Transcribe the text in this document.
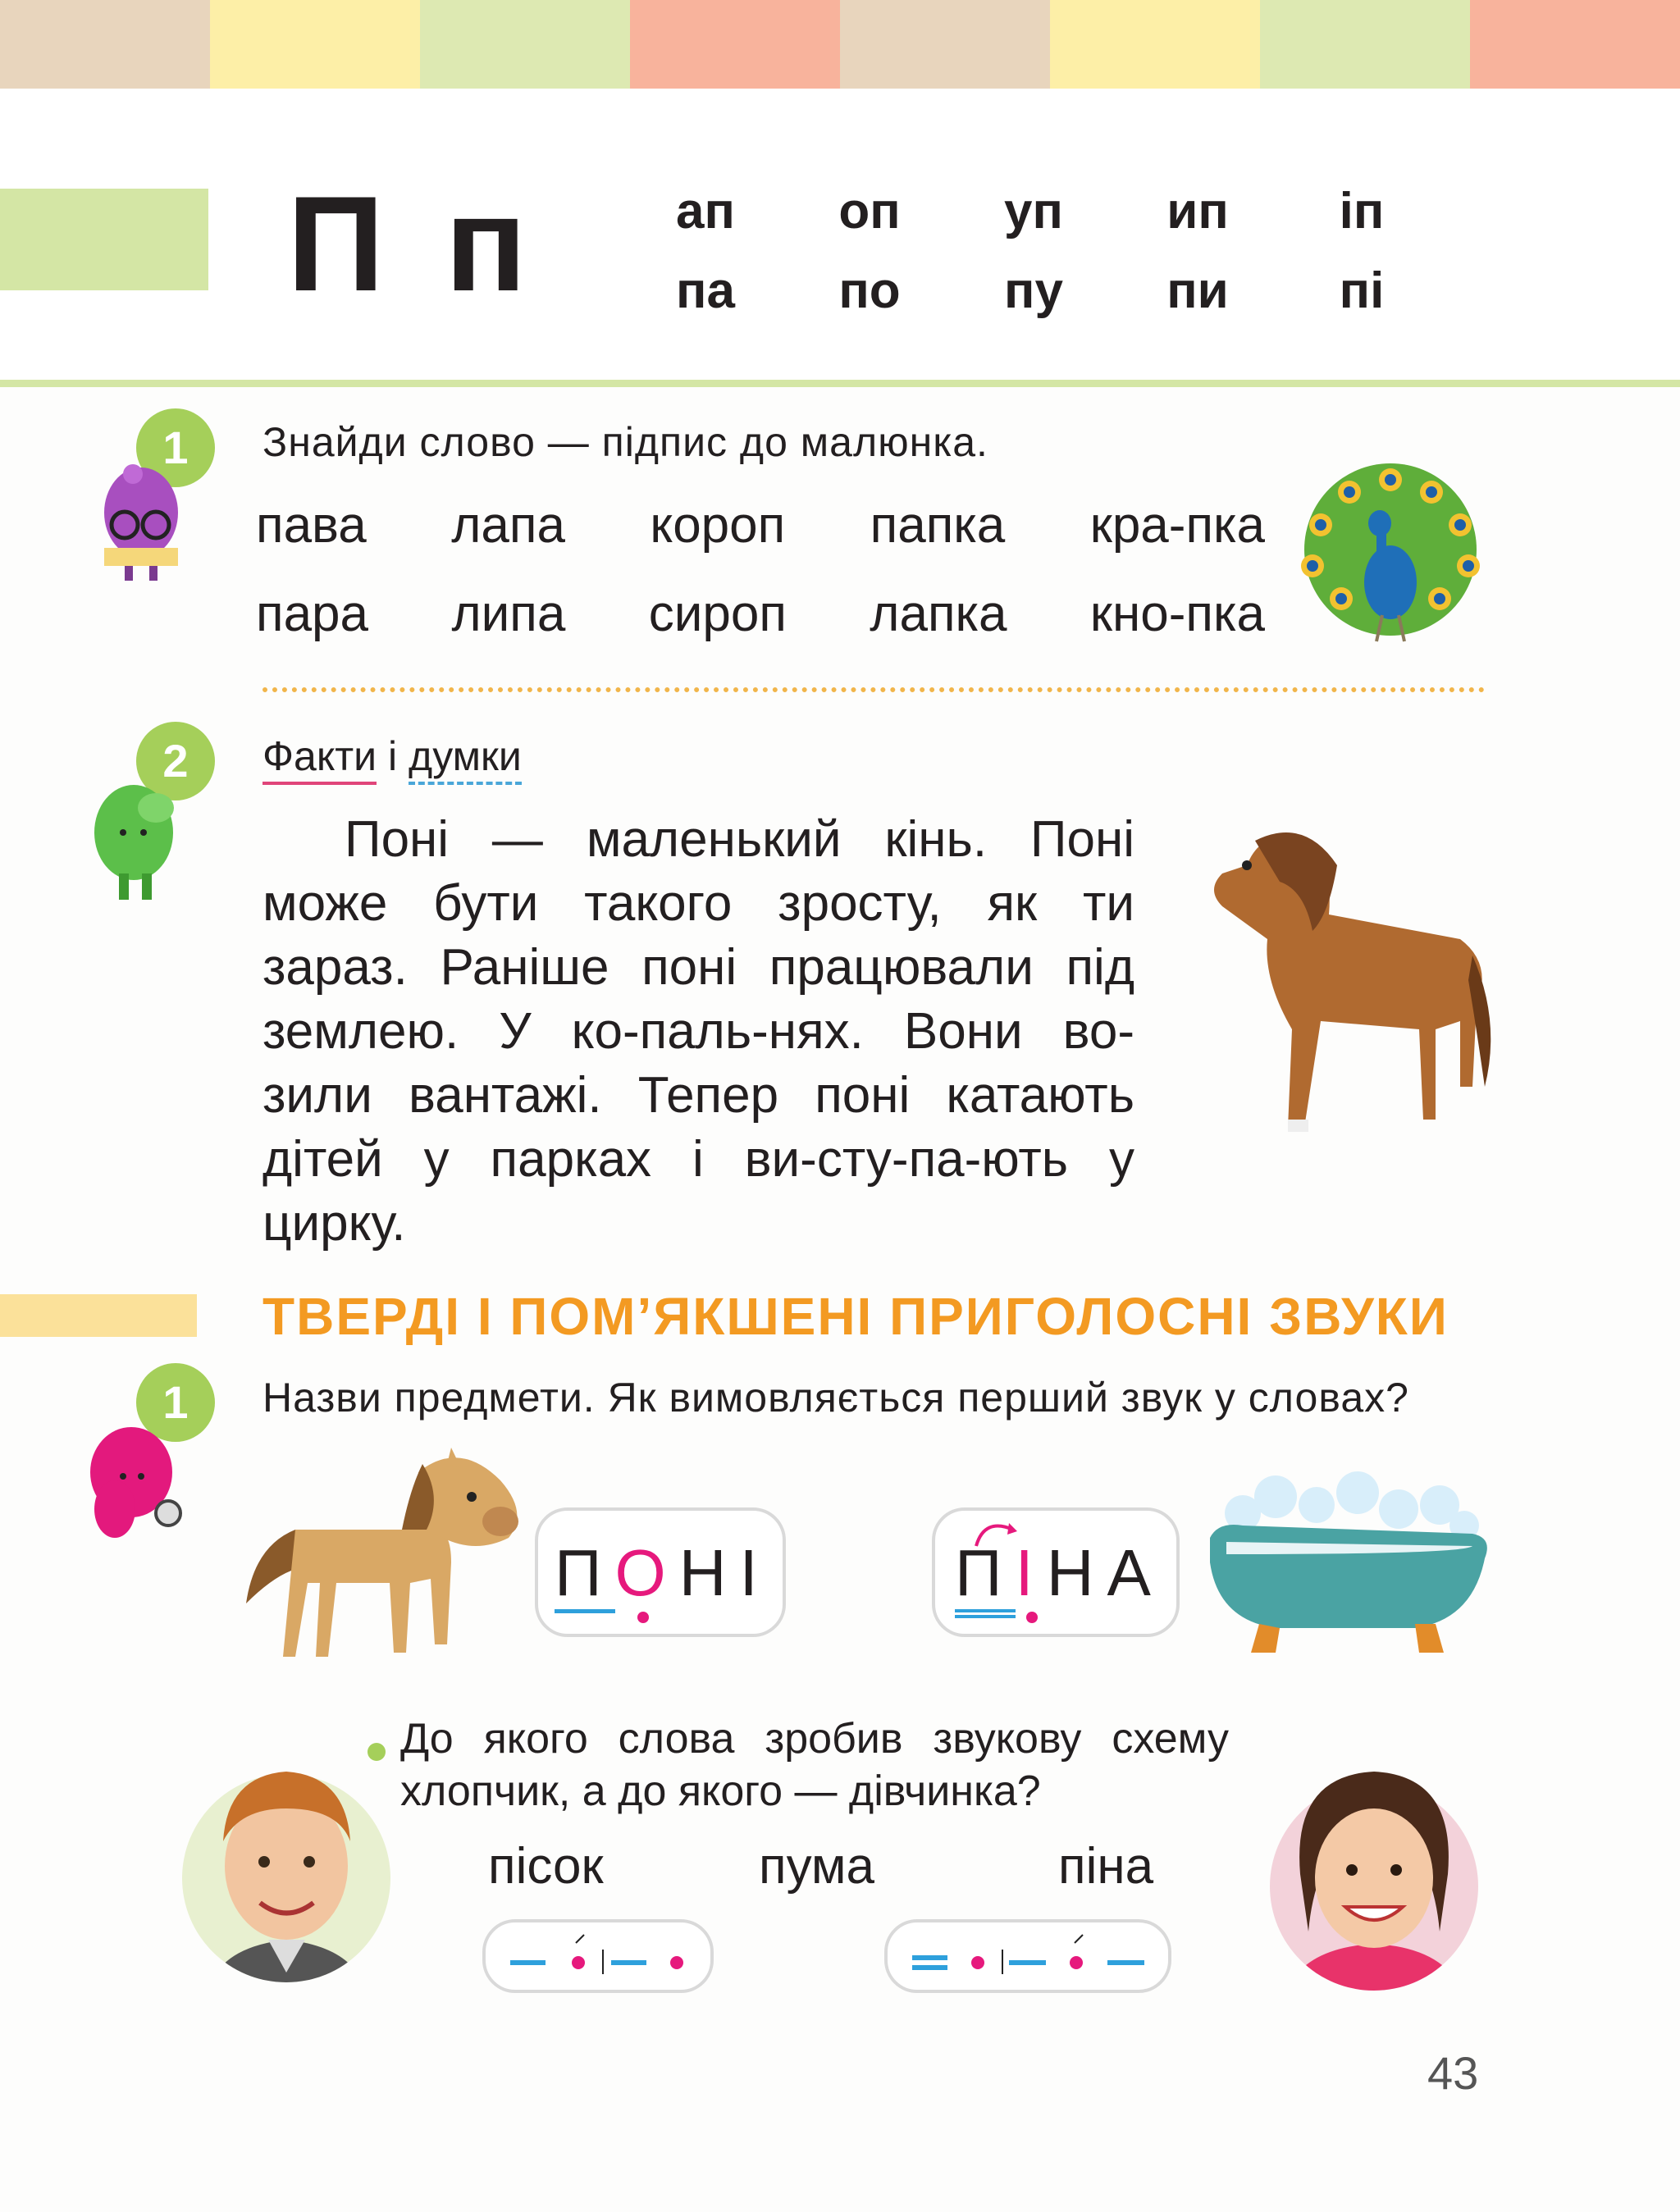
П п	ап	оп	уп	ип	іп
па	по	пу	пи	пі
1	Знайди слово — підпис до малюнка.
пава лапа короп папка кра-пка
пара липа сироп лапка кно-пка
2	Факти і думки

Поні — маленький кінь. Поні може бути такого зросту, як ти зараз. Раніше поні працювали під землею. У ко-паль-нях. Вони во-зили вантажі. Тепер поні катають дітей у парках і ви-сту-па-ють у цирку.

ТВЕРДІ І ПОМ’ЯКШЕНІ ПРИГОЛОСНІ ЗВУКИ
1	Назви предмети. Як вимовляється перший звук у словах?
ПОНІ	ПІНА
До якого слова зробив звукову схему хлопчик, а до якого — дівчинка?
пісок	пума	піна
43
